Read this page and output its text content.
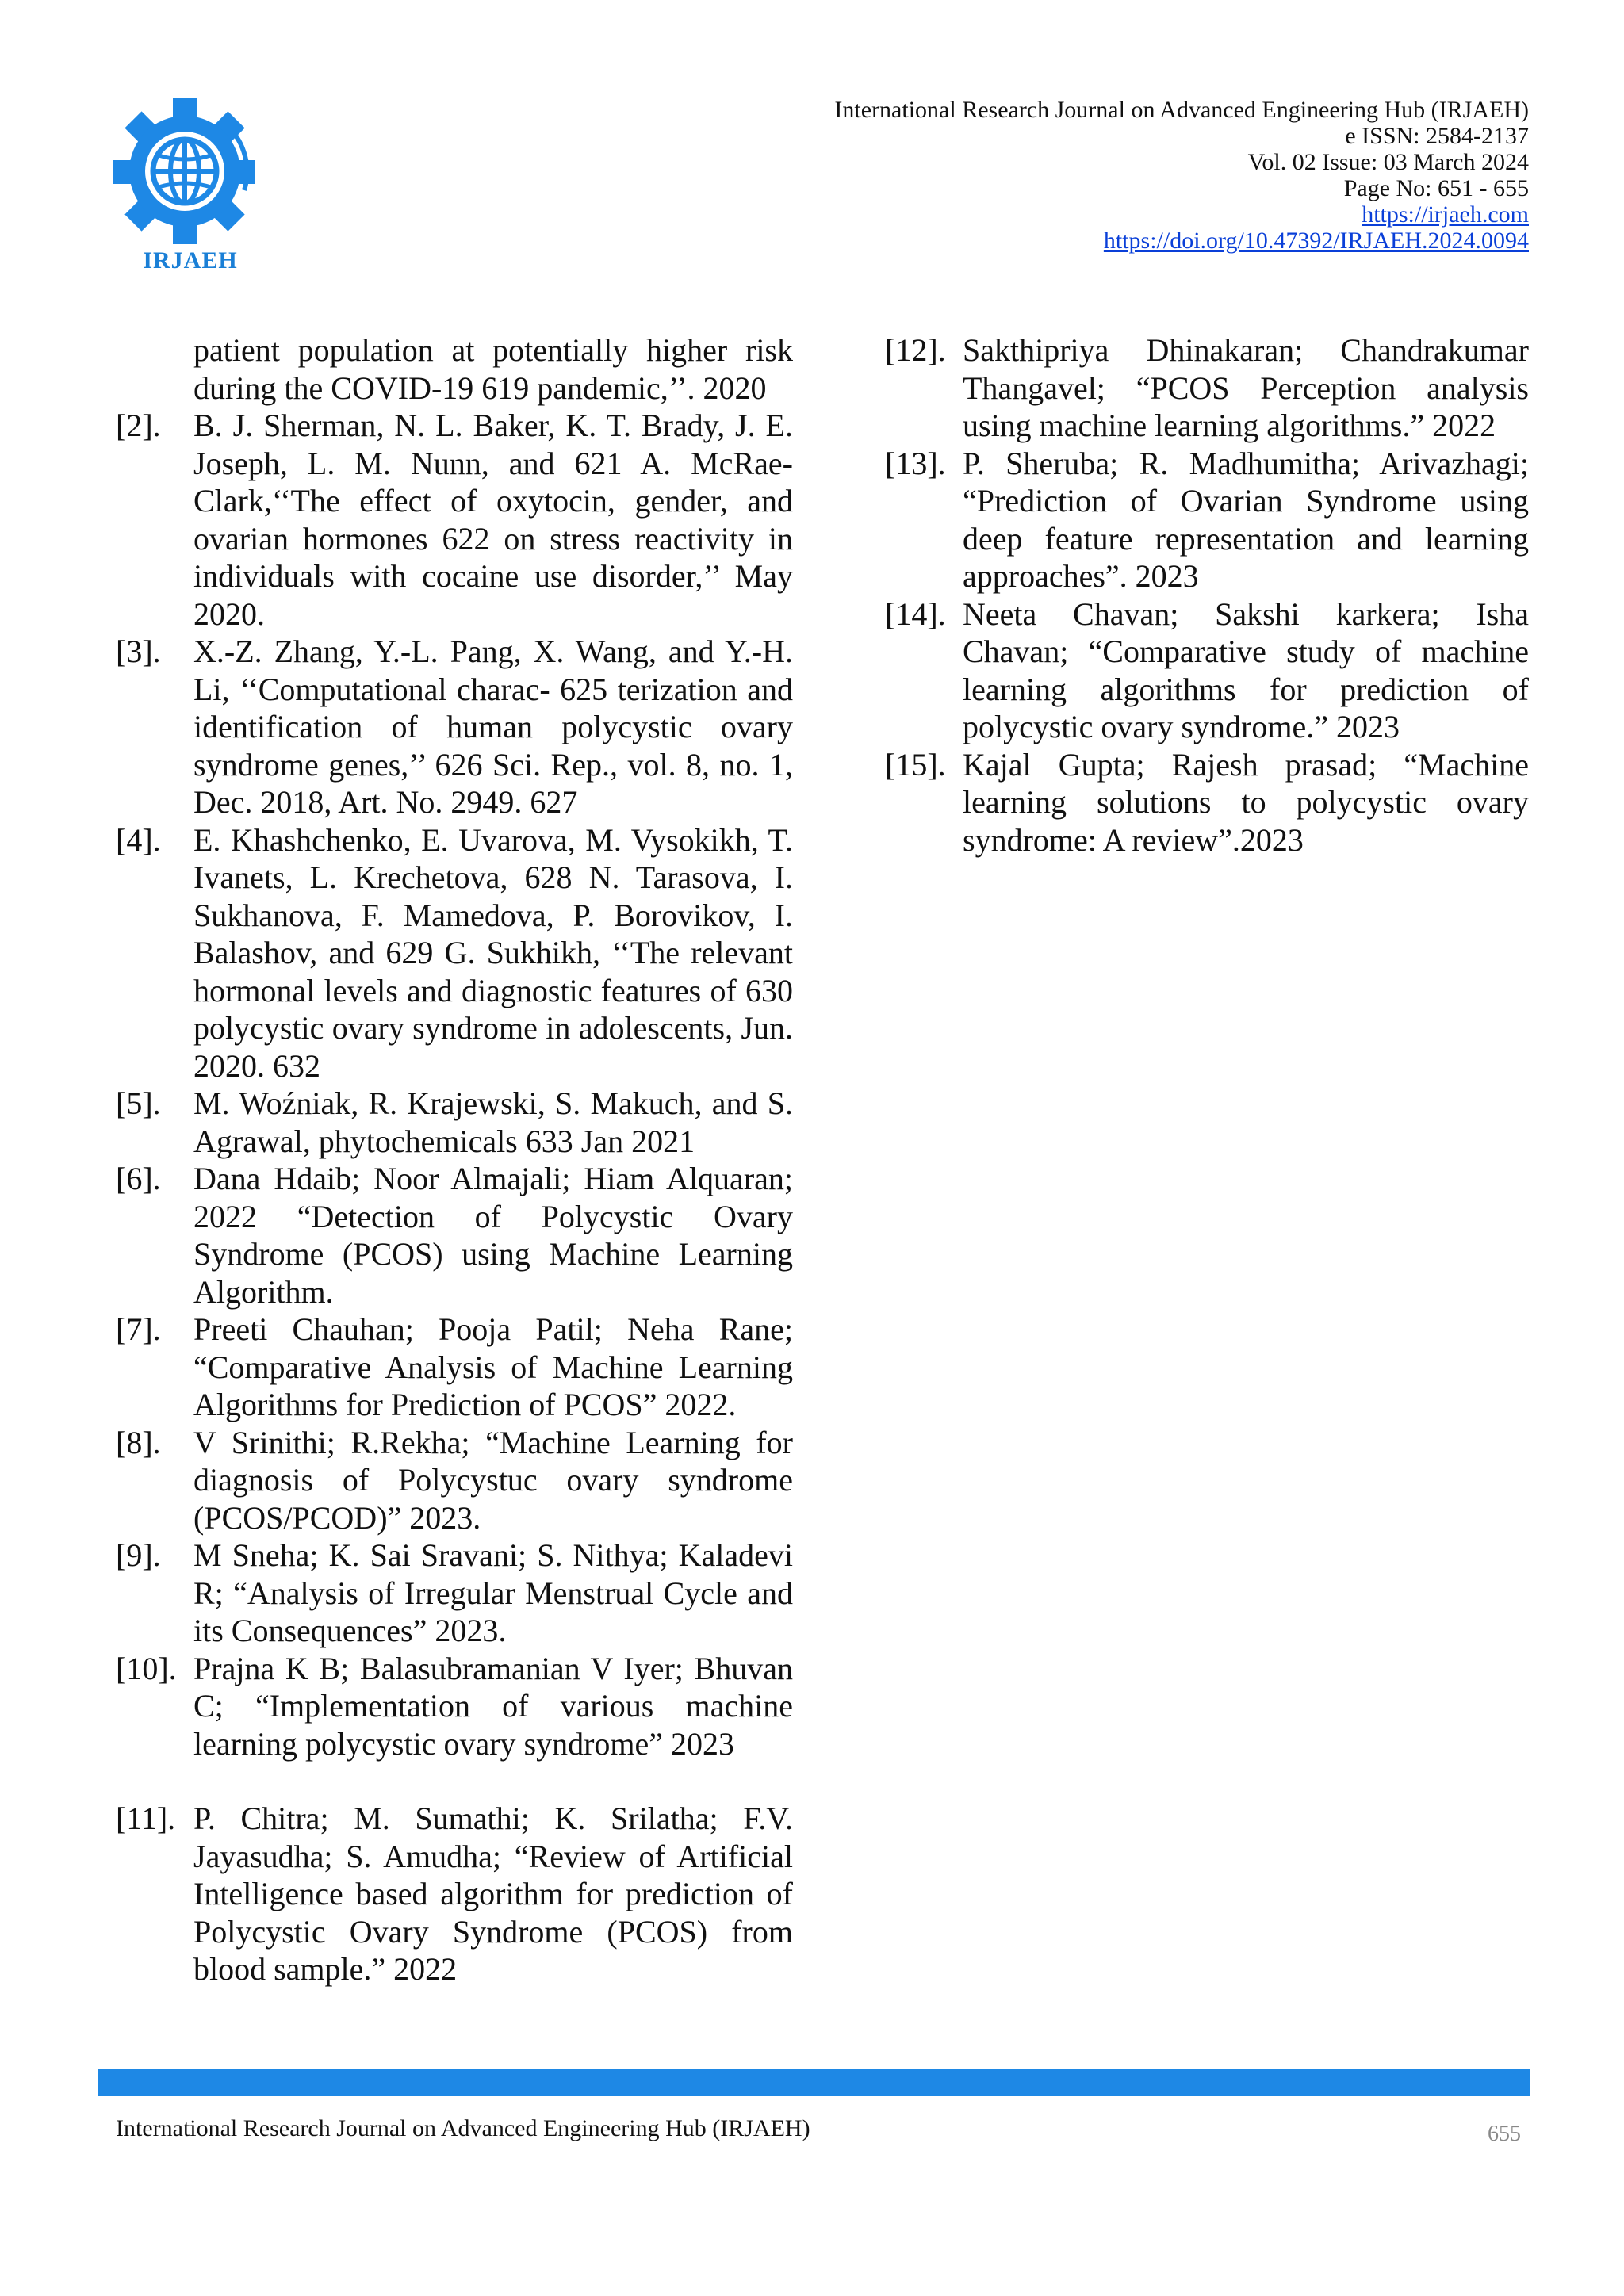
IRJAEH
International Research Journal on Advanced Engineering Hub (IRJAEH)
e ISSN: 2584-2137
Vol. 02 Issue: 03 March 2024
Page No: 651 - 655
https://irjaeh.com
https://doi.org/10.47392/IRJAEH.2024.0094
patient population at potentially higher risk during the COVID-19 619 pandemic,’’. 2020
[2].	B. J. Sherman, N. L. Baker, K. T. Brady, J. E. Joseph, L. M. Nunn, and 621 A. McRae-Clark,‘‘The effect of oxytocin, gender, and ovarian hormones 622 on stress reactivity in individuals with cocaine use disorder,’’ May 2020.
[3].	X.-Z. Zhang, Y.-L. Pang, X. Wang, and Y.-H. Li, ‘‘Computational charac- 625 terization and identification of human polycystic ovary syndrome genes,’’ 626 Sci. Rep., vol. 8, no. 1, Dec. 2018, Art. No. 2949. 627
[4].	E. Khashchenko, E. Uvarova, M. Vysokikh, T. Ivanets, L. Krechetova, 628 N. Tarasova, I. Sukhanova, F. Mamedova, P. Borovikov, I. Balashov, and 629 G. Sukhikh, ‘‘The relevant hormonal levels and diagnostic features of 630 polycystic ovary syndrome in adolescents, Jun. 2020. 632
[5].	M. Woźniak, R. Krajewski, S. Makuch, and S. Agrawal, phytochemicals 633 Jan 2021
[6].	Dana Hdaib; Noor Almajali; Hiam Alquaran; 2022 “Detection of Polycystic Ovary Syndrome (PCOS) using Machine Learning Algorithm.
[7].	Preeti Chauhan; Pooja Patil; Neha Rane; “Comparative Analysis of Machine Learning Algorithms for Prediction of PCOS” 2022.
[8].	V Srinithi; R.Rekha; “Machine Learning for diagnosis of Polycystuc ovary syndrome (PCOS/PCOD)” 2023.
[9].	M Sneha; K. Sai Sravani; S. Nithya; Kaladevi R; “Analysis of Irregular Menstrual Cycle and its Consequences” 2023.
[10]. Prajna K B; Balasubramanian V Iyer; Bhuvan C; “Implementation of various machine learning polycystic ovary syndrome” 2023
[11]. P. Chitra; M. Sumathi; K. Srilatha; F.V. Jayasudha; S. Amudha; “Review of Artificial Intelligence based algorithm for prediction of Polycystic Ovary Syndrome (PCOS) from blood sample.” 2022
[12]. Sakthipriya Dhinakaran; Chandrakumar Thangavel; “PCOS Perception analysis using machine learning algorithms.” 2022
[13]. P. Sheruba; R. Madhumitha; Arivazhagi; “Prediction of Ovarian Syndrome using deep feature representation and learning approaches”. 2023
[14]. Neeta Chavan; Sakshi karkera; Isha Chavan; “Comparative study of machine learning algorithms for prediction of polycystic ovary syndrome.” 2023
[15]. Kajal Gupta; Rajesh prasad; “Machine learning solutions to polycystic ovary syndrome: A review”.2023
International Research Journal on Advanced Engineering Hub (IRJAEH)	655
